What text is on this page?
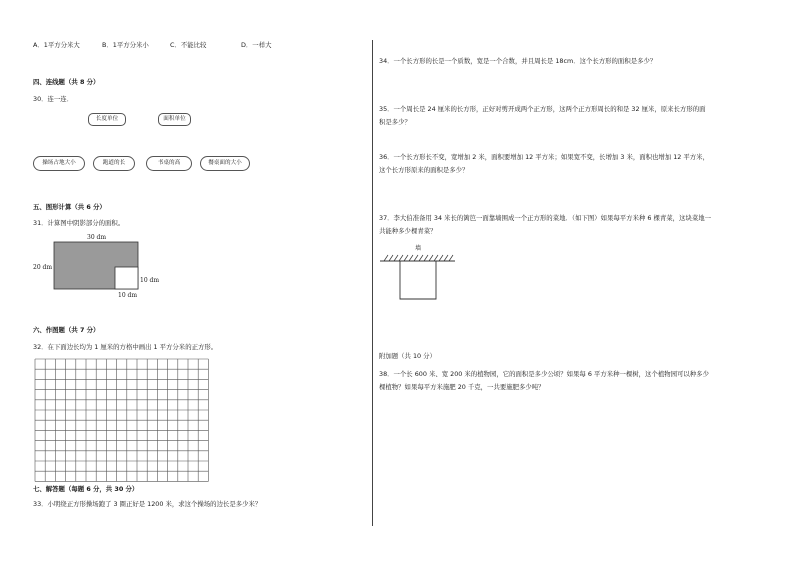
A．1平方分米大	B．1平方分米小	C．不能比较	D．一样大
四、连线题（共 8 分）
30．连一连．
长度单位	面积单位
操场占地大小	跑道的长	书桌的高	餐桌面的大小
五、图形计算（共 6 分）
31．计算图中阴影部分的面积。
30 dm
20 dm
10 dm
10 dm
六、作图题（共 7 分）
32．在下面边长均为 1 厘米的方格中画出 1 平方分米的正方形。
七、解答题（每题 6 分，共 30 分）
33．小明绕正方形操场跑了 3 圈正好是 1200 米，求这个操场的边长是多少米？
34．一个长方形的长是一个质数，宽是一个合数，并且周长是 18cm．这个长方形的面积是多少？
35．一个周长是 24 厘米的长方形，正好对剪开成两个正方形，这两个正方形周长的和是 32 厘米，原来长方形的面积是多少？
36．一个长方形长不变，宽增加 2 米，面积要增加 12 平方米；如果宽不变，长增加 3 米，面积也增加 12 平方米，这个长方形原来的面积是多少？
37．李大伯准备用 34 米长的篱笆一面靠墙围成一个正方形的菜地．（如下图）如果每平方米种 6 棵青菜，这块菜地一共能种多少棵青菜？
墙
附加题（共 10 分）
38．一个长 600 米、宽 200 米的植物园，它的面积是多少公顷？如果每 6 平方米种一棵树，这个植物园可以种多少棵植物？如果每平方米施肥 20 千克，一共要施肥多少吨？
